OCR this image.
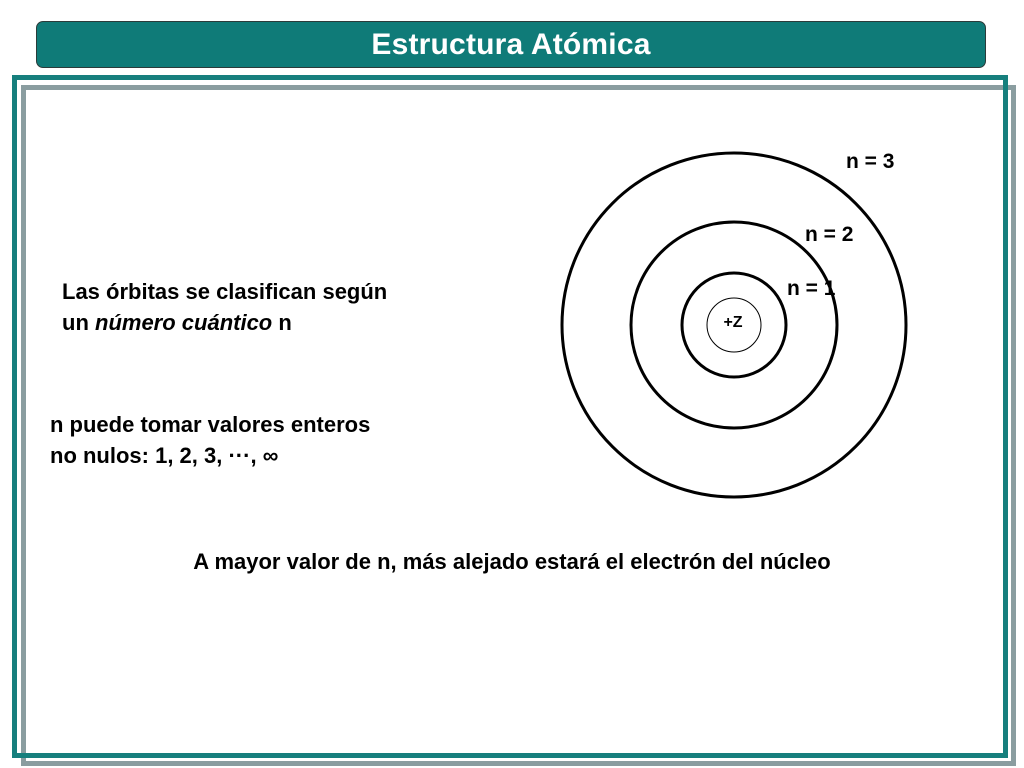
Estructura Atómica
Las órbitas se clasifican según
un número cuántico n
n puede tomar valores enteros
no nulos: 1, 2, 3, ···, ∞
+Z
n = 3
n = 2
n = 1
A mayor valor de n, más alejado estará el electrón del núcleo
